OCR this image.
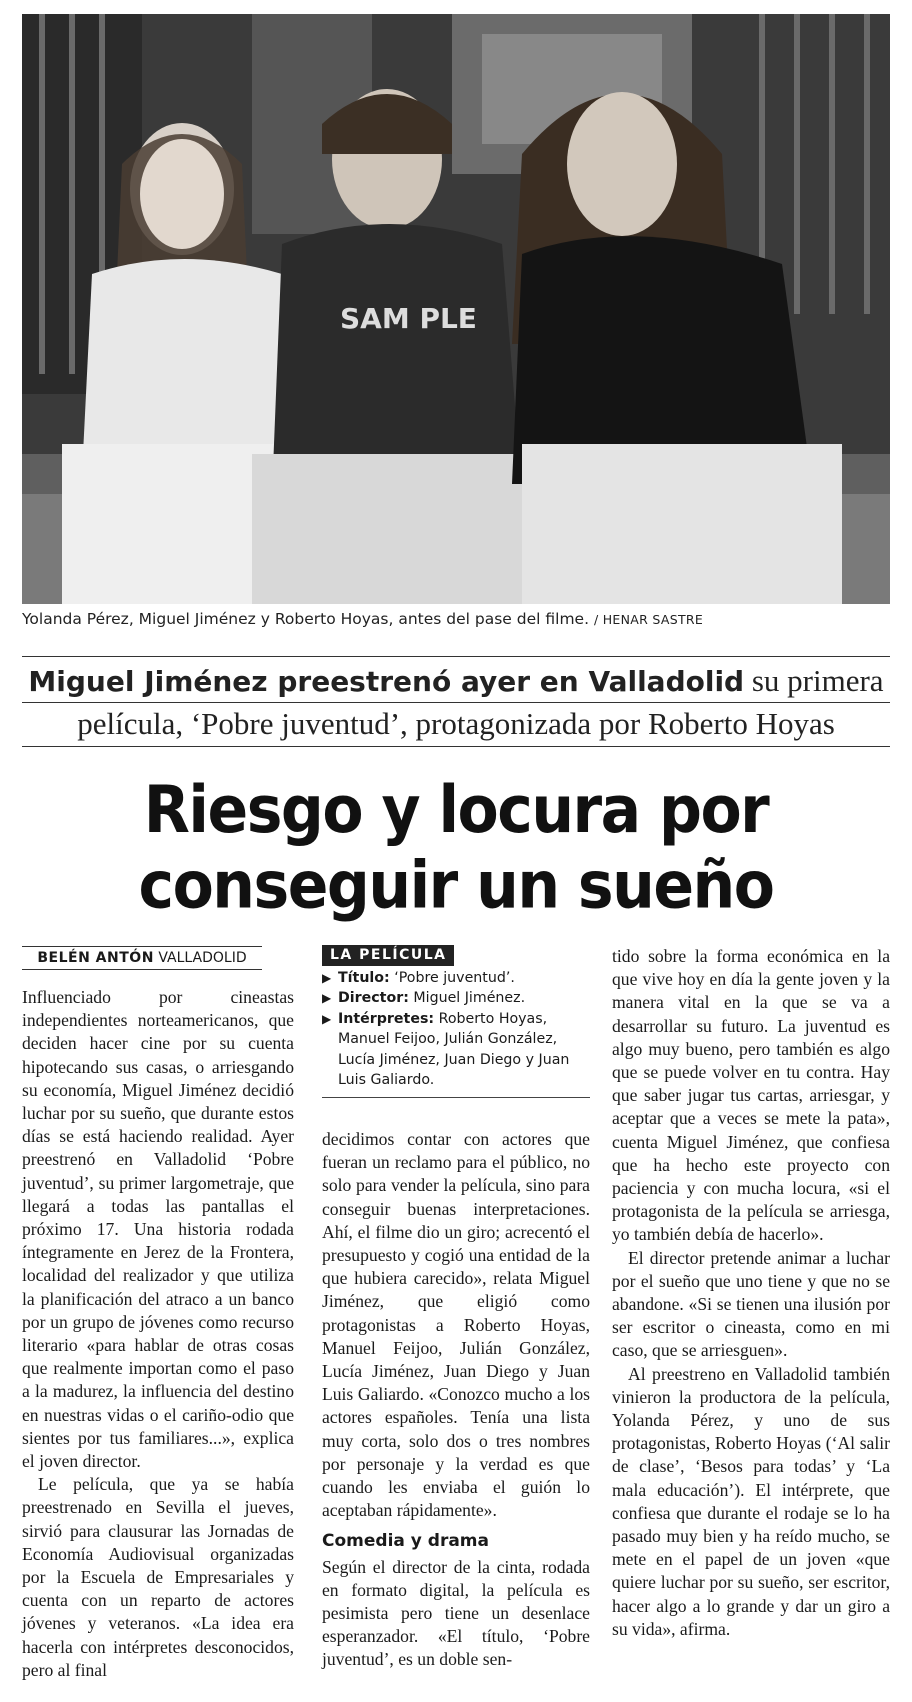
SAM PLE
Yolanda Pérez, Miguel Jiménez y Roberto Hoyas, antes del pase del filme. / HENAR SASTRE
Miguel Jiménez preestrenó ayer en Valladolid su primera
película, ‘Pobre juventud’, protagonizada por Roberto Hoyas
Riesgo y locura por
conseguir un sueño
BELÉN ANTÓN VALLADOLID

Influenciado por cineastas independientes norteamericanos, que deciden hacer cine por su cuenta hipotecando sus casas, o arriesgando su economía, Miguel Jiménez decidió luchar por su sueño, que durante estos días se está haciendo realidad. Ayer preestrenó en Valladolid ‘Pobre juventud’, su primer largometraje, que llegará a todas las pantallas el próximo 17. Una historia rodada íntegramente en Jerez de la Frontera, localidad del realizador y que utiliza la planificación del atraco a un banco por un grupo de jóvenes como recurso literario «para hablar de otras cosas que realmente importan como el paso a la madurez, la influencia del destino en nuestras vidas o el cariño-odio que sientes por tus familiares...», explica el joven director.

Le película, que ya se había preestrenado en Sevilla el jueves, sirvió para clausurar las Jornadas de Economía Audiovisual organizadas por la Escuela de Empresariales y cuenta con un reparto de actores jóvenes y veteranos. «La idea era hacerla con intérpretes desconocidos, pero al final

LA PELÍCULA
▶ Título: ‘Pobre juventud’.
▶ Director: Miguel Jiménez.
▶ Intérpretes: Roberto Hoyas, Manuel Feijoo, Julián González, Lucía Jiménez, Juan Diego y Juan Luis Galiardo.

decidimos contar con actores que fueran un reclamo para el público, no solo para vender la película, sino para conseguir buenas interpretaciones. Ahí, el filme dio un giro; acrecentó el presupuesto y cogió una entidad de la que hubiera carecido», relata Miguel Jiménez, que eligió como protagonistas a Roberto Hoyas, Manuel Feijoo, Julián González, Lucía Jiménez, Juan Diego y Juan Luis Galiardo. «Conozco mucho a los actores españoles. Tenía una lista muy corta, solo dos o tres nombres por personaje y la verdad es que cuando les enviaba el guión lo aceptaban rápidamente».

Comedia y drama

Según el director de la cinta, rodada en formato digital, la película es pesimista pero tiene un desenlace esperanzador. «El título, ‘Pobre juventud’, es un doble sen-

tido sobre la forma económica en la que vive hoy en día la gente joven y la manera vital en la que se va a desarrollar su futuro. La juventud es algo muy bueno, pero también es algo que se puede volver en tu contra. Hay que saber jugar tus cartas, arriesgar, y aceptar que a veces se mete la pata», cuenta Miguel Jiménez, que confiesa que ha hecho este proyecto con paciencia y con mucha locura, «si el protagonista de la película se arriesga, yo también debía de hacerlo».

El director pretende animar a luchar por el sueño que uno tiene y que no se abandone. «Si se tienen una ilusión por ser escritor o cineasta, como en mi caso, que se arriesguen».

Al preestreno en Valladolid también vinieron la productora de la película, Yolanda Pérez, y uno de sus protagonistas, Roberto Hoyas (‘Al salir de clase’, ‘Besos para todas’ y ‘La mala educación’). El intérprete, que confiesa que durante el rodaje se lo ha pasado muy bien y ha reído mucho, se mete en el papel de un joven «que quiere luchar por su sueño, ser escritor, hacer algo a lo grande y dar un giro a su vida», afirma.
